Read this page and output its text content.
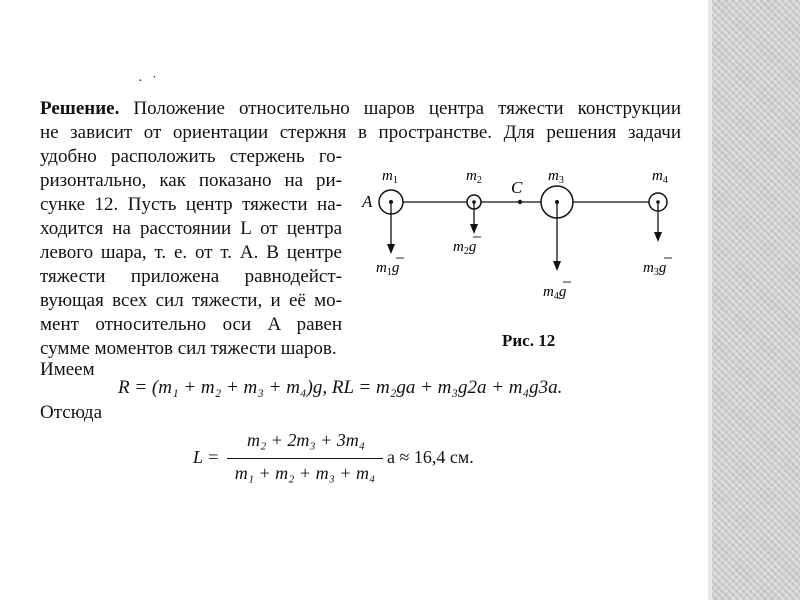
· ˙
Решение. Положение относительно шаров центра тяжести конструкции
не зависит от ориентации стержня в пространстве. Для решения задачи
удобно расположить стержень го-
ризонтально, как показано на ри-
сунке 12. Пусть центр тяжести на-
ходится на расстоянии L от центра
левого шара, т. е. от т. A. В центре
тяжести приложена равнодейст-
вующая всех сил тяжести, и её мо-
мент относительно оси A равен
сумме моментов сил тяжести шаров.
Имеем
A
C
$m_1$
$m_1g$
$m_2$
$m_2g$
$m_3$
$m_4g$
$m_4$
$m_3g$
Рис. 12
R = (m₁ + m₂ + m₃ + m₄)g, RL = m₂ga + m₃g2a + m₄g3a.
Отсюда
L =
m₂ + 2m₃ + 3m₄
m₁ + m₂ + m₃ + m₄
a ≈ 16,4 см.
